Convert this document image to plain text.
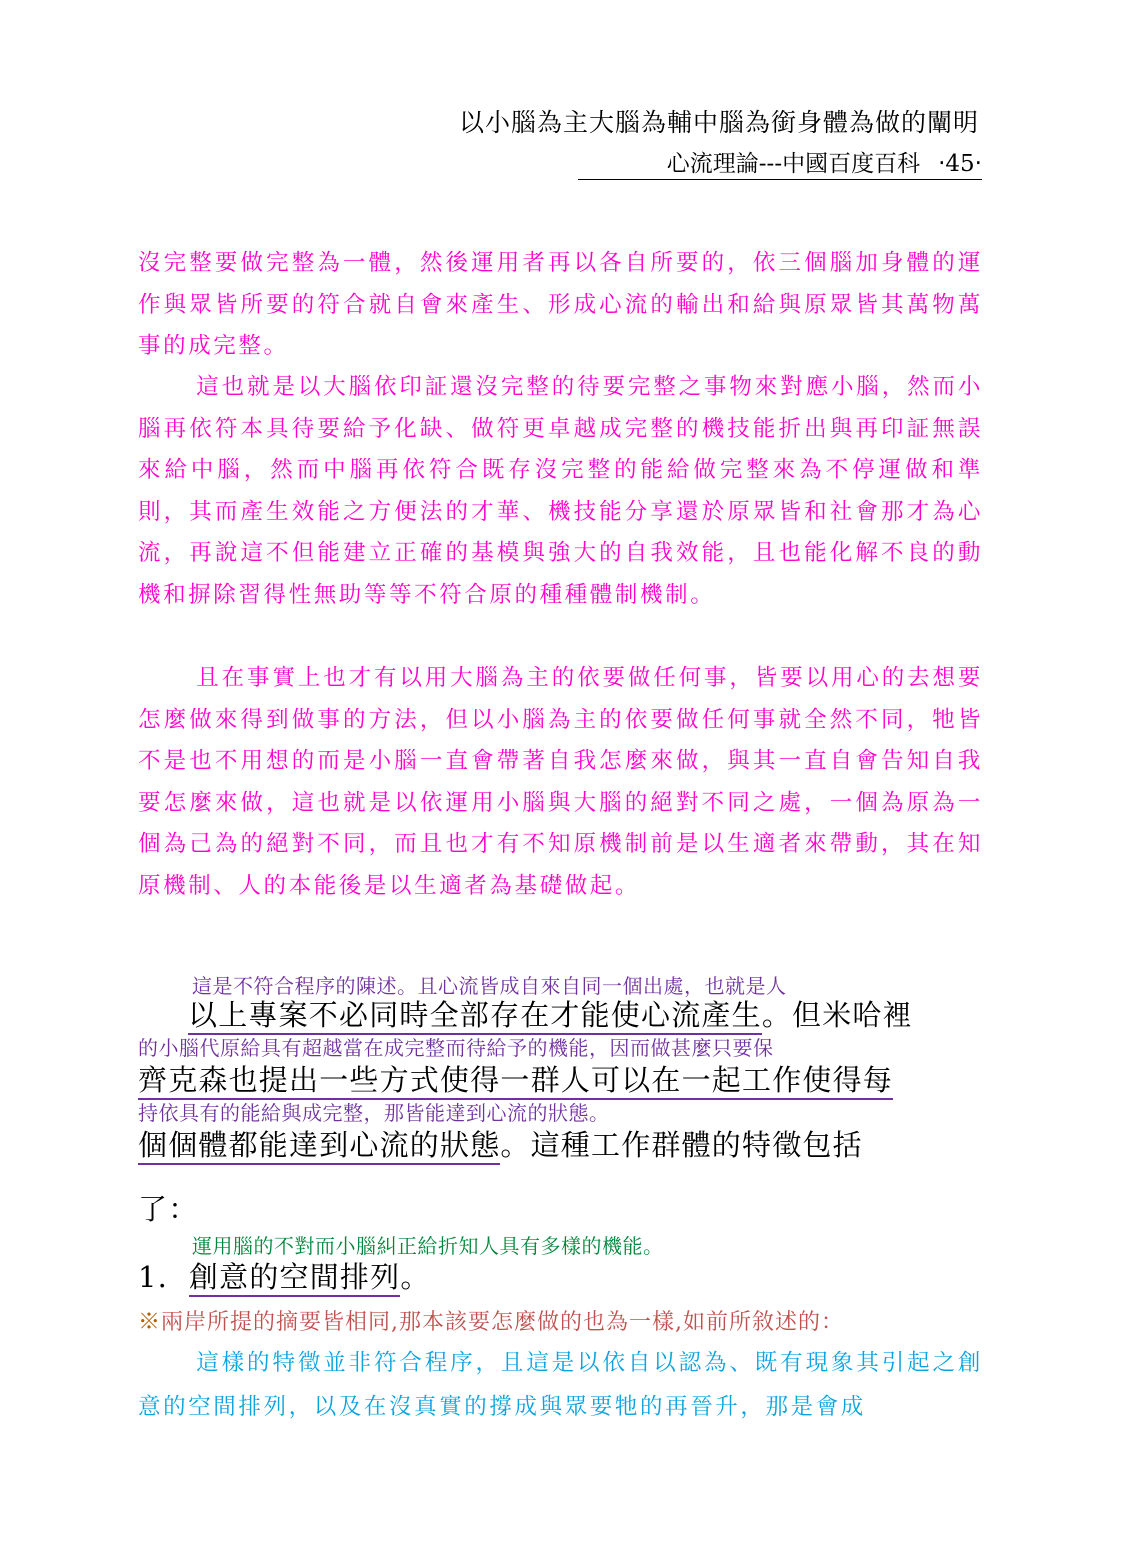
以小腦為主大腦為輔中腦為銜身體為做的闡明
心流理論---中國百度百科 ‧45‧

沒完整要做完整為一體，然後運用者再以各自所要的，依三個腦加身體的運作與眾皆所要的符合就自會來產生、形成心流的輸出和給與原眾皆其萬物萬事的成完整。

這也就是以大腦依印証還沒完整的待要完整之事物來對應小腦，然而小腦再依符本具待要給予化缺、做符更卓越成完整的機技能折出與再印証無誤來給中腦，然而中腦再依符合既存沒完整的能給做完整來為不停運做和準則，其而產生效能之方便法的才華、機技能分享還於原眾皆和社會那才為心流，再說這不但能建立正確的基模與強大的自我效能，且也能化解不良的動機和摒除習得性無助等等不符合原的種種體制機制。

且在事實上也才有以用大腦為主的依要做任何事，皆要以用心的去想要怎麼做來得到做事的方法，但以小腦為主的依要做任何事就全然不同，牠皆不是也不用想的而是小腦一直會帶著自我怎麼來做，與其一直自會告知自我要怎麼來做，這也就是以依運用小腦與大腦的絕對不同之處，一個為原為一個為己為的絕對不同，而且也才有不知原機制前是以生適者來帶動，其在知原機制、人的本能後是以生適者為基礎做起。

這是不符合程序的陳述。且心流皆成自來自同一個出處，也就是人

以上專案不必同時全部存在才能使心流產生。但米哈裡

的小腦代原給具有超越當在成完整而待給予的機能，因而做甚麼只要保

齊克森也提出一些方式使得一群人可以在一起工作使得每

持依具有的能給與成完整，那皆能達到心流的狀態。

個個體都能達到心流的狀態。這種工作群體的特徵包括

了：

運用腦的不對而小腦糾正給折知人具有多樣的機能。

1. 創意的空間排列。

※兩岸所提的摘要皆相同,那本該要怎麼做的也為一樣,如前所敘述的：

這樣的特徵並非符合程序，且這是以依自以認為、既有現象其引起之創意的空間排列，以及在沒真實的撐成與眾要牠的再晉升，那是會成
